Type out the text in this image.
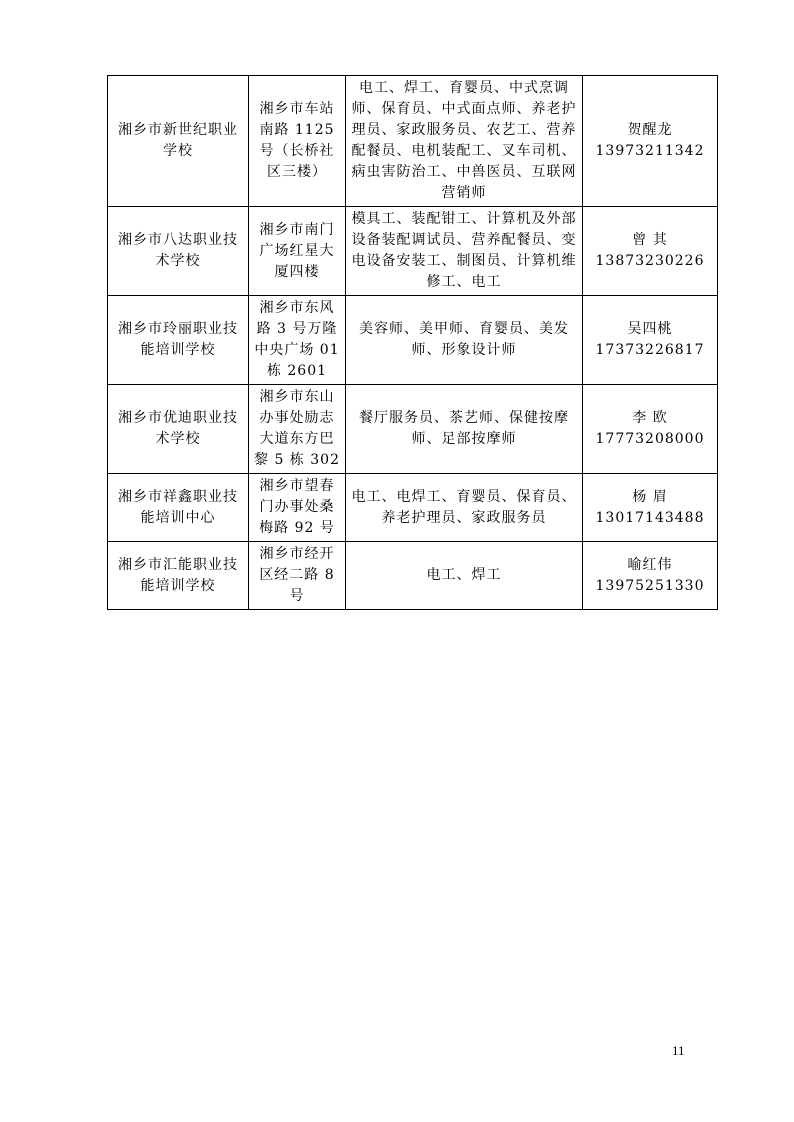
湘乡市新世纪职业学校	湘乡市车站南路 1125 号（长桥社区三楼）	电工、焊工、育婴员、中式烹调师、保育员、中式面点师、养老护理员、家政服务员、农艺工、营养配餐员、电机装配工、叉车司机、病虫害防治工、中兽医员、互联网营销师	贺醒龙
13973211342

湘乡市八达职业技术学校	湘乡市南门广场红星大厦四楼	模具工、装配钳工、计算机及外部设备装配调试员、营养配餐员、变电设备安装工、制图员、计算机维修工、电工	曾 其
13873230226

湘乡市玲丽职业技能培训学校	湘乡市东风路 3 号万隆中央广场 01 栋 2601	美容师、美甲师、育婴员、美发师、形象设计师	吴四桃
17373226817

湘乡市优迪职业技术学校	湘乡市东山办事处励志大道东方巴黎 5 栋 302	餐厅服务员、茶艺师、保健按摩师、足部按摩师	李 欧
17773208000

湘乡市祥鑫职业技能培训中心	湘乡市望春门办事处桑梅路 92 号	电工、电焊工、育婴员、保育员、养老护理员、家政服务员	杨 眉
13017143488

湘乡市汇能职业技能培训学校	湘乡市经开区经二路 8 号	电工、焊工	喻红伟
13975251330
11
